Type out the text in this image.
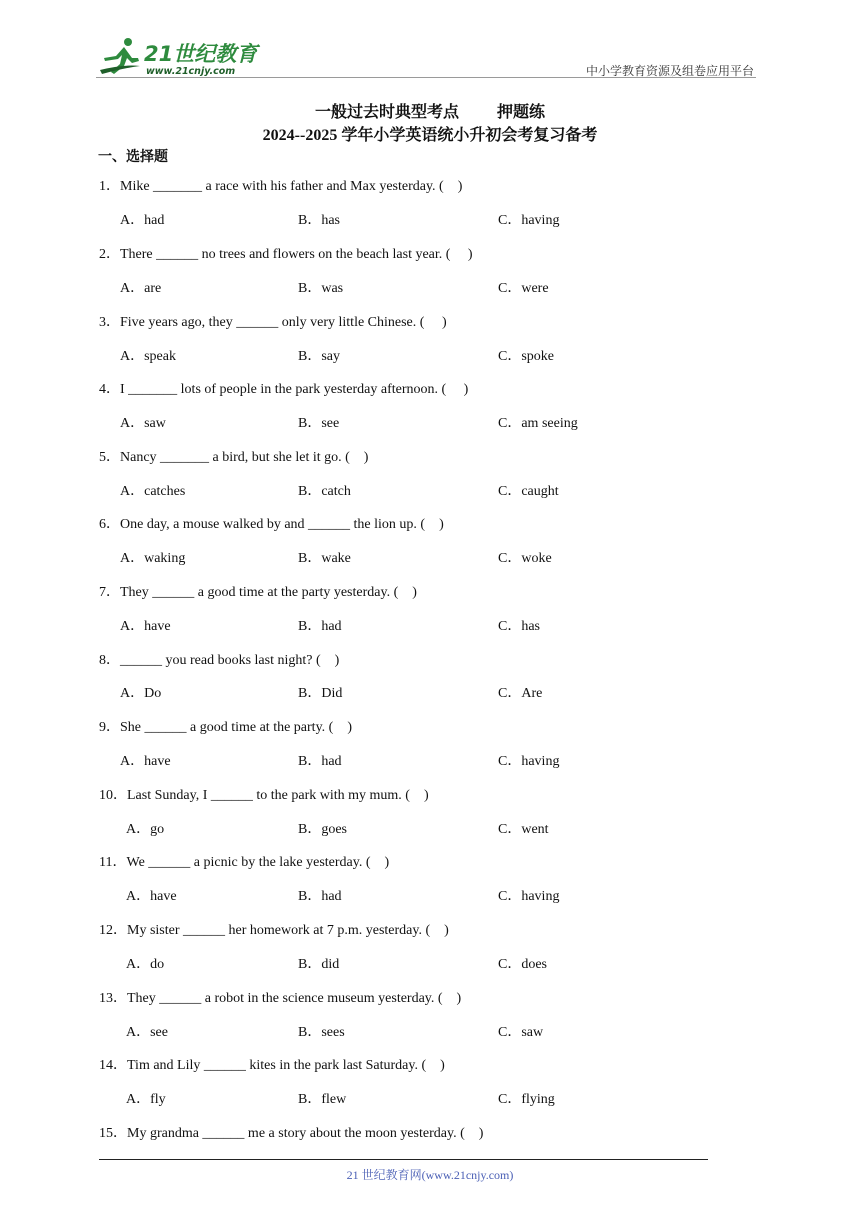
21世纪教育
www.21cnjy.com	中小学教育资源及组卷应用平台
一般过去时典型考点 押题练
2024--2025 学年小学英语统小升初会考复习备考
一、选择题
1．Mike _______ a race with his father and Max yesterday. (　)
A．had	B．has	C．having
2．There ______ no trees and flowers on the beach last year. (　 )
A．are	B．was	C．were
3．Five years ago, they ______ only very little Chinese. (　 )
A．speak	B．say	C．spoke
4．I _______ lots of people in the park yesterday afternoon. (　 )
A．saw	B．see	C．am seeing
5．Nancy _______ a bird, but she let it go. (　)
A．catches	B．catch	C．caught
6．One day, a mouse walked by and ______ the lion up. (　)
A．waking	B．wake	C．woke
7．They ______ a good time at the party yesterday. (　)
A．have	B．had	C．has
8．______ you read books last night? (　)
A．Do	B．Did	C．Are
9．She ______ a good time at the party. (　)
A．have	B．had	C．having
10．Last Sunday, I ______ to the park with my mum. (　)
A．go	B．goes	C．went
11．We ______ a picnic by the lake yesterday. (　)
A．have	B．had	C．having
12．My sister ______ her homework at 7 p.m. yesterday. (　)
A．do	B．did	C．does
13．They ______ a robot in the science museum yesterday. (　)
A．see	B．sees	C．saw
14．Tim and Lily ______ kites in the park last Saturday. (　)
A．fly	B．flew	C．flying
15．My grandma ______ me a story about the moon yesterday. (　)
21 世纪教育网(www.21cnjy.com)
